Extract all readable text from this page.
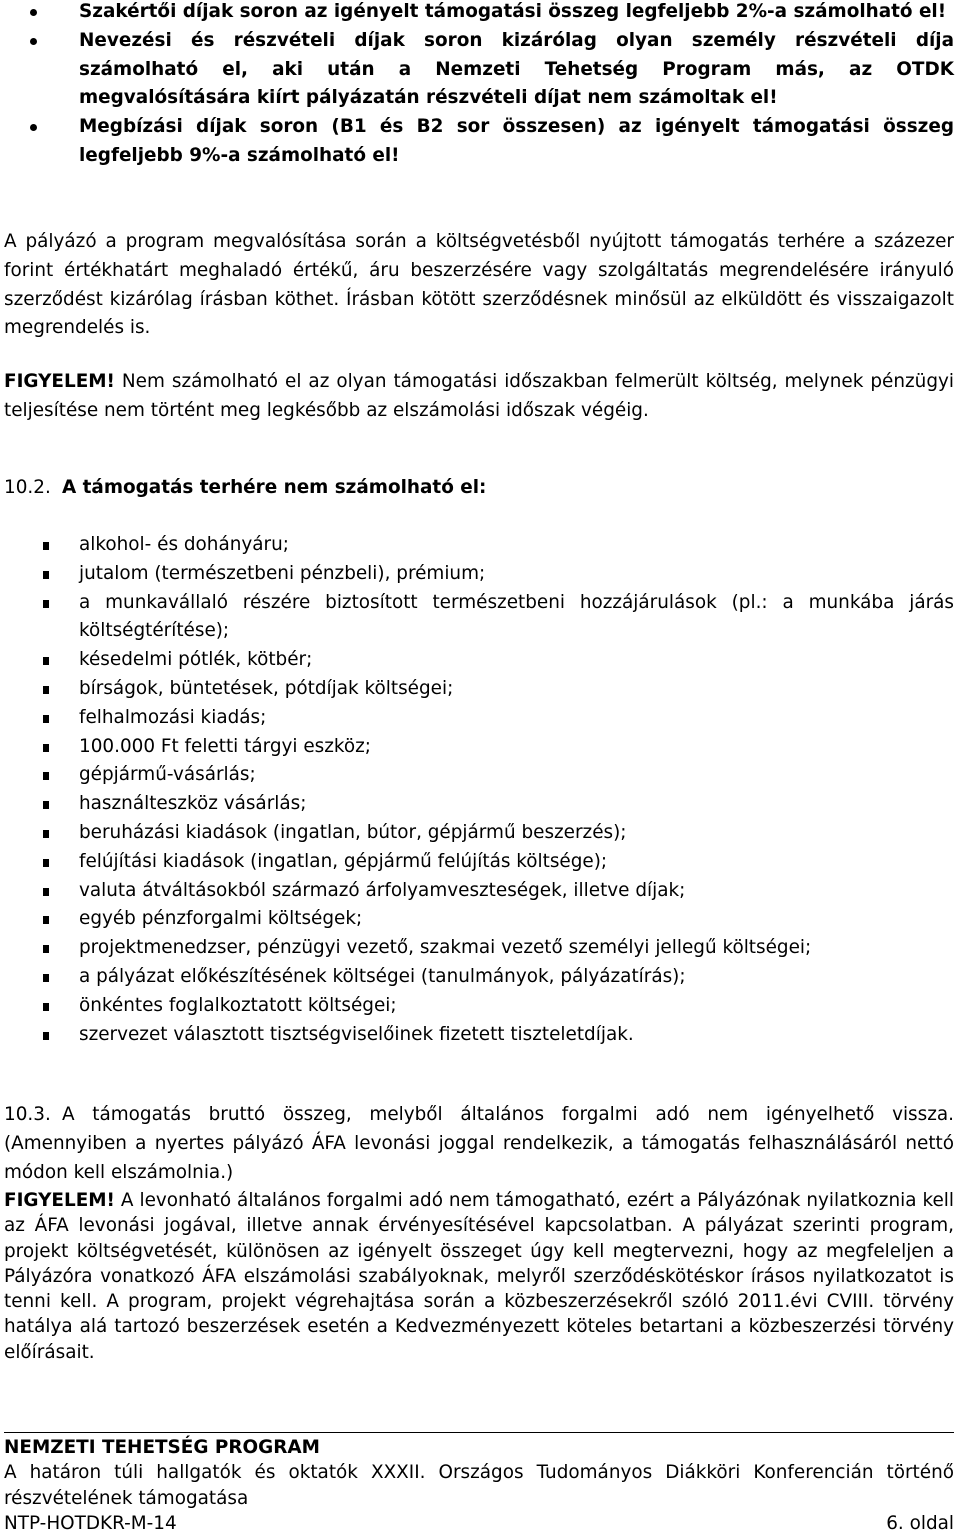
Szakértői díjak soron az igényelt támogatási összeg legfeljebb 2%-a számolható el!
Nevezési és részvételi díjak soron kizárólag olyan személy részvételi díja számolható el, aki után a Nemzeti Tehetség Program más, az OTDK megvalósítására kiírt pályázatán részvételi díjat nem számoltak el!
Megbízási díjak soron (B1 és B2 sor összesen) az igényelt támogatási összeg legfeljebb 9%-a számolható el!

A pályázó a program megvalósítása során a költségvetésből nyújtott támogatás terhére a százezer forint értékhatárt meghaladó értékű, áru beszerzésére vagy szolgáltatás megrendelésére irányuló szerződést kizárólag írásban köthet. Írásban kötött szerződésnek minősül az elküldött és visszaigazolt megrendelés is.

FIGYELEM! Nem számolható el az olyan támogatási időszakban felmerült költség, melynek pénzügyi teljesítése nem történt meg legkésőbb az elszámolási időszak végéig.

10.2. A támogatás terhére nem számolható el:
alkohol- és dohányáru;
jutalom (természetbeni pénzbeli), prémium;
a munkavállaló részére biztosított természetbeni hozzájárulások (pl.: a munkába járás költségtérítése);
késedelmi pótlék, kötbér;
bírságok, büntetések, pótdíjak költségei;
felhalmozási kiadás;
100.000 Ft feletti tárgyi eszköz;
gépjármű-vásárlás;
használteszköz vásárlás;
beruházási kiadások (ingatlan, bútor, gépjármű beszerzés);
felújítási kiadások (ingatlan, gépjármű felújítás költsége);
valuta átváltásokból származó árfolyamveszteségek, illetve díjak;
egyéb pénzforgalmi költségek;
projektmenedzser, pénzügyi vezető, szakmai vezető személyi jellegű költségei;
a pályázat előkészítésének költségei (tanulmányok, pályázatírás);
önkéntes foglalkoztatott költségei;
szervezet választott tisztségviselőinek fizetett tiszteletdíjak.

10.3. A támogatás bruttó összeg, melyből általános forgalmi adó nem igényelhető vissza. (Amennyiben a nyertes pályázó ÁFA levonási joggal rendelkezik, a támogatás felhasználásáról nettó módon kell elszámolnia.)

FIGYELEM! A levonható általános forgalmi adó nem támogatható, ezért a Pályázónak nyilatkoznia kell az ÁFA levonási jogával, illetve annak érvényesítésével kapcsolatban. A pályázat szerinti program, projekt költségvetését, különösen az igényelt összeget úgy kell megtervezni, hogy az megfeleljen a Pályázóra vonatkozó ÁFA elszámolási szabályoknak, melyről szerződéskötéskor írásos nyilatkozatot is tenni kell. A program, projekt végrehajtása során a közbeszerzésekről szóló 2011.évi CVIII. törvény hatálya alá tartozó beszerzések esetén a Kedvezményezett köteles betartani a közbeszerzési törvény előírásait.

NEMZETI TEHETSÉG PROGRAM
A határon túli hallgatók és oktatók XXXII. Országos Tudományos Diákköri Konferencián történő részvételének támogatása
NTP-HOTDKR-M-14	6. oldal
